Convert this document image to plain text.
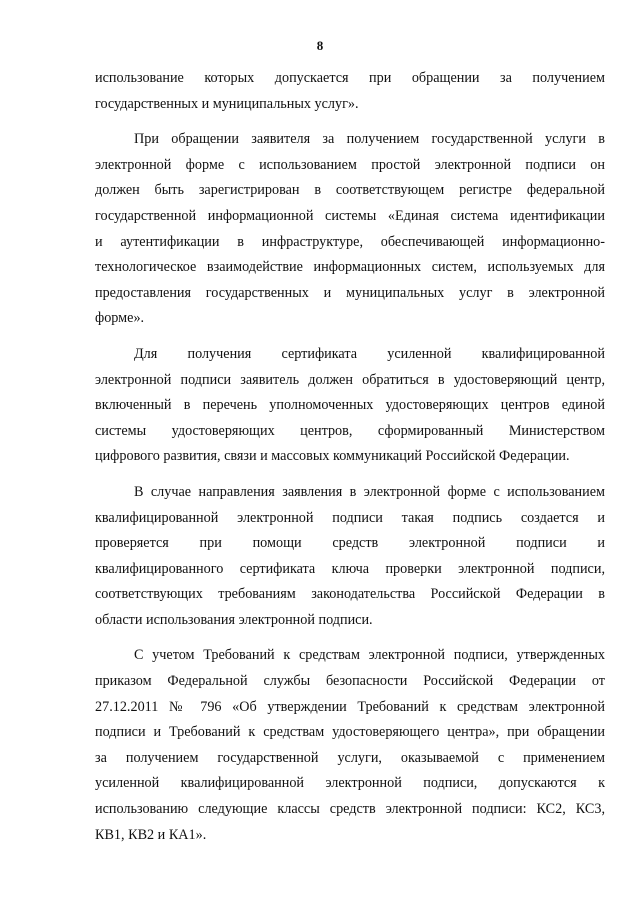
8
использование которых допускается при обращении за получением
государственных и муниципальных услуг».
При обращении заявителя за получением государственной услуги в
электронной форме с использованием простой электронной подписи он
должен быть зарегистрирован в соответствующем регистре федеральной
государственной информационной системы «Единая система идентификации
и аутентификации в инфраструктуре, обеспечивающей информационно-
технологическое взаимодействие информационных систем, используемых для
предоставления государственных и муниципальных услуг в электронной
форме».
Для получения сертификата усиленной квалифицированной
электронной подписи заявитель должен обратиться в удостоверяющий центр,
включенный в перечень уполномоченных удостоверяющих центров единой
системы удостоверяющих центров, сформированный Министерством
цифрового развития, связи и массовых коммуникаций Российской Федерации.
В случае направления заявления в электронной форме с использованием
квалифицированной электронной подписи такая подпись создается и
проверяется при помощи средств электронной подписи и
квалифицированного сертификата ключа проверки электронной подписи,
соответствующих требованиям законодательства Российской Федерации в
области использования электронной подписи.
С учетом Требований к средствам электронной подписи, утвержденных
приказом Федеральной службы безопасности Российской Федерации от
27.12.2011 № 796 «Об утверждении Требований к средствам электронной
подписи и Требований к средствам удостоверяющего центра», при обращении
за получением государственной услуги, оказываемой с применением
усиленной квалифицированной электронной подписи, допускаются к
использованию следующие классы средств электронной подписи: КС2, КС3,
КВ1, КВ2 и КА1».
